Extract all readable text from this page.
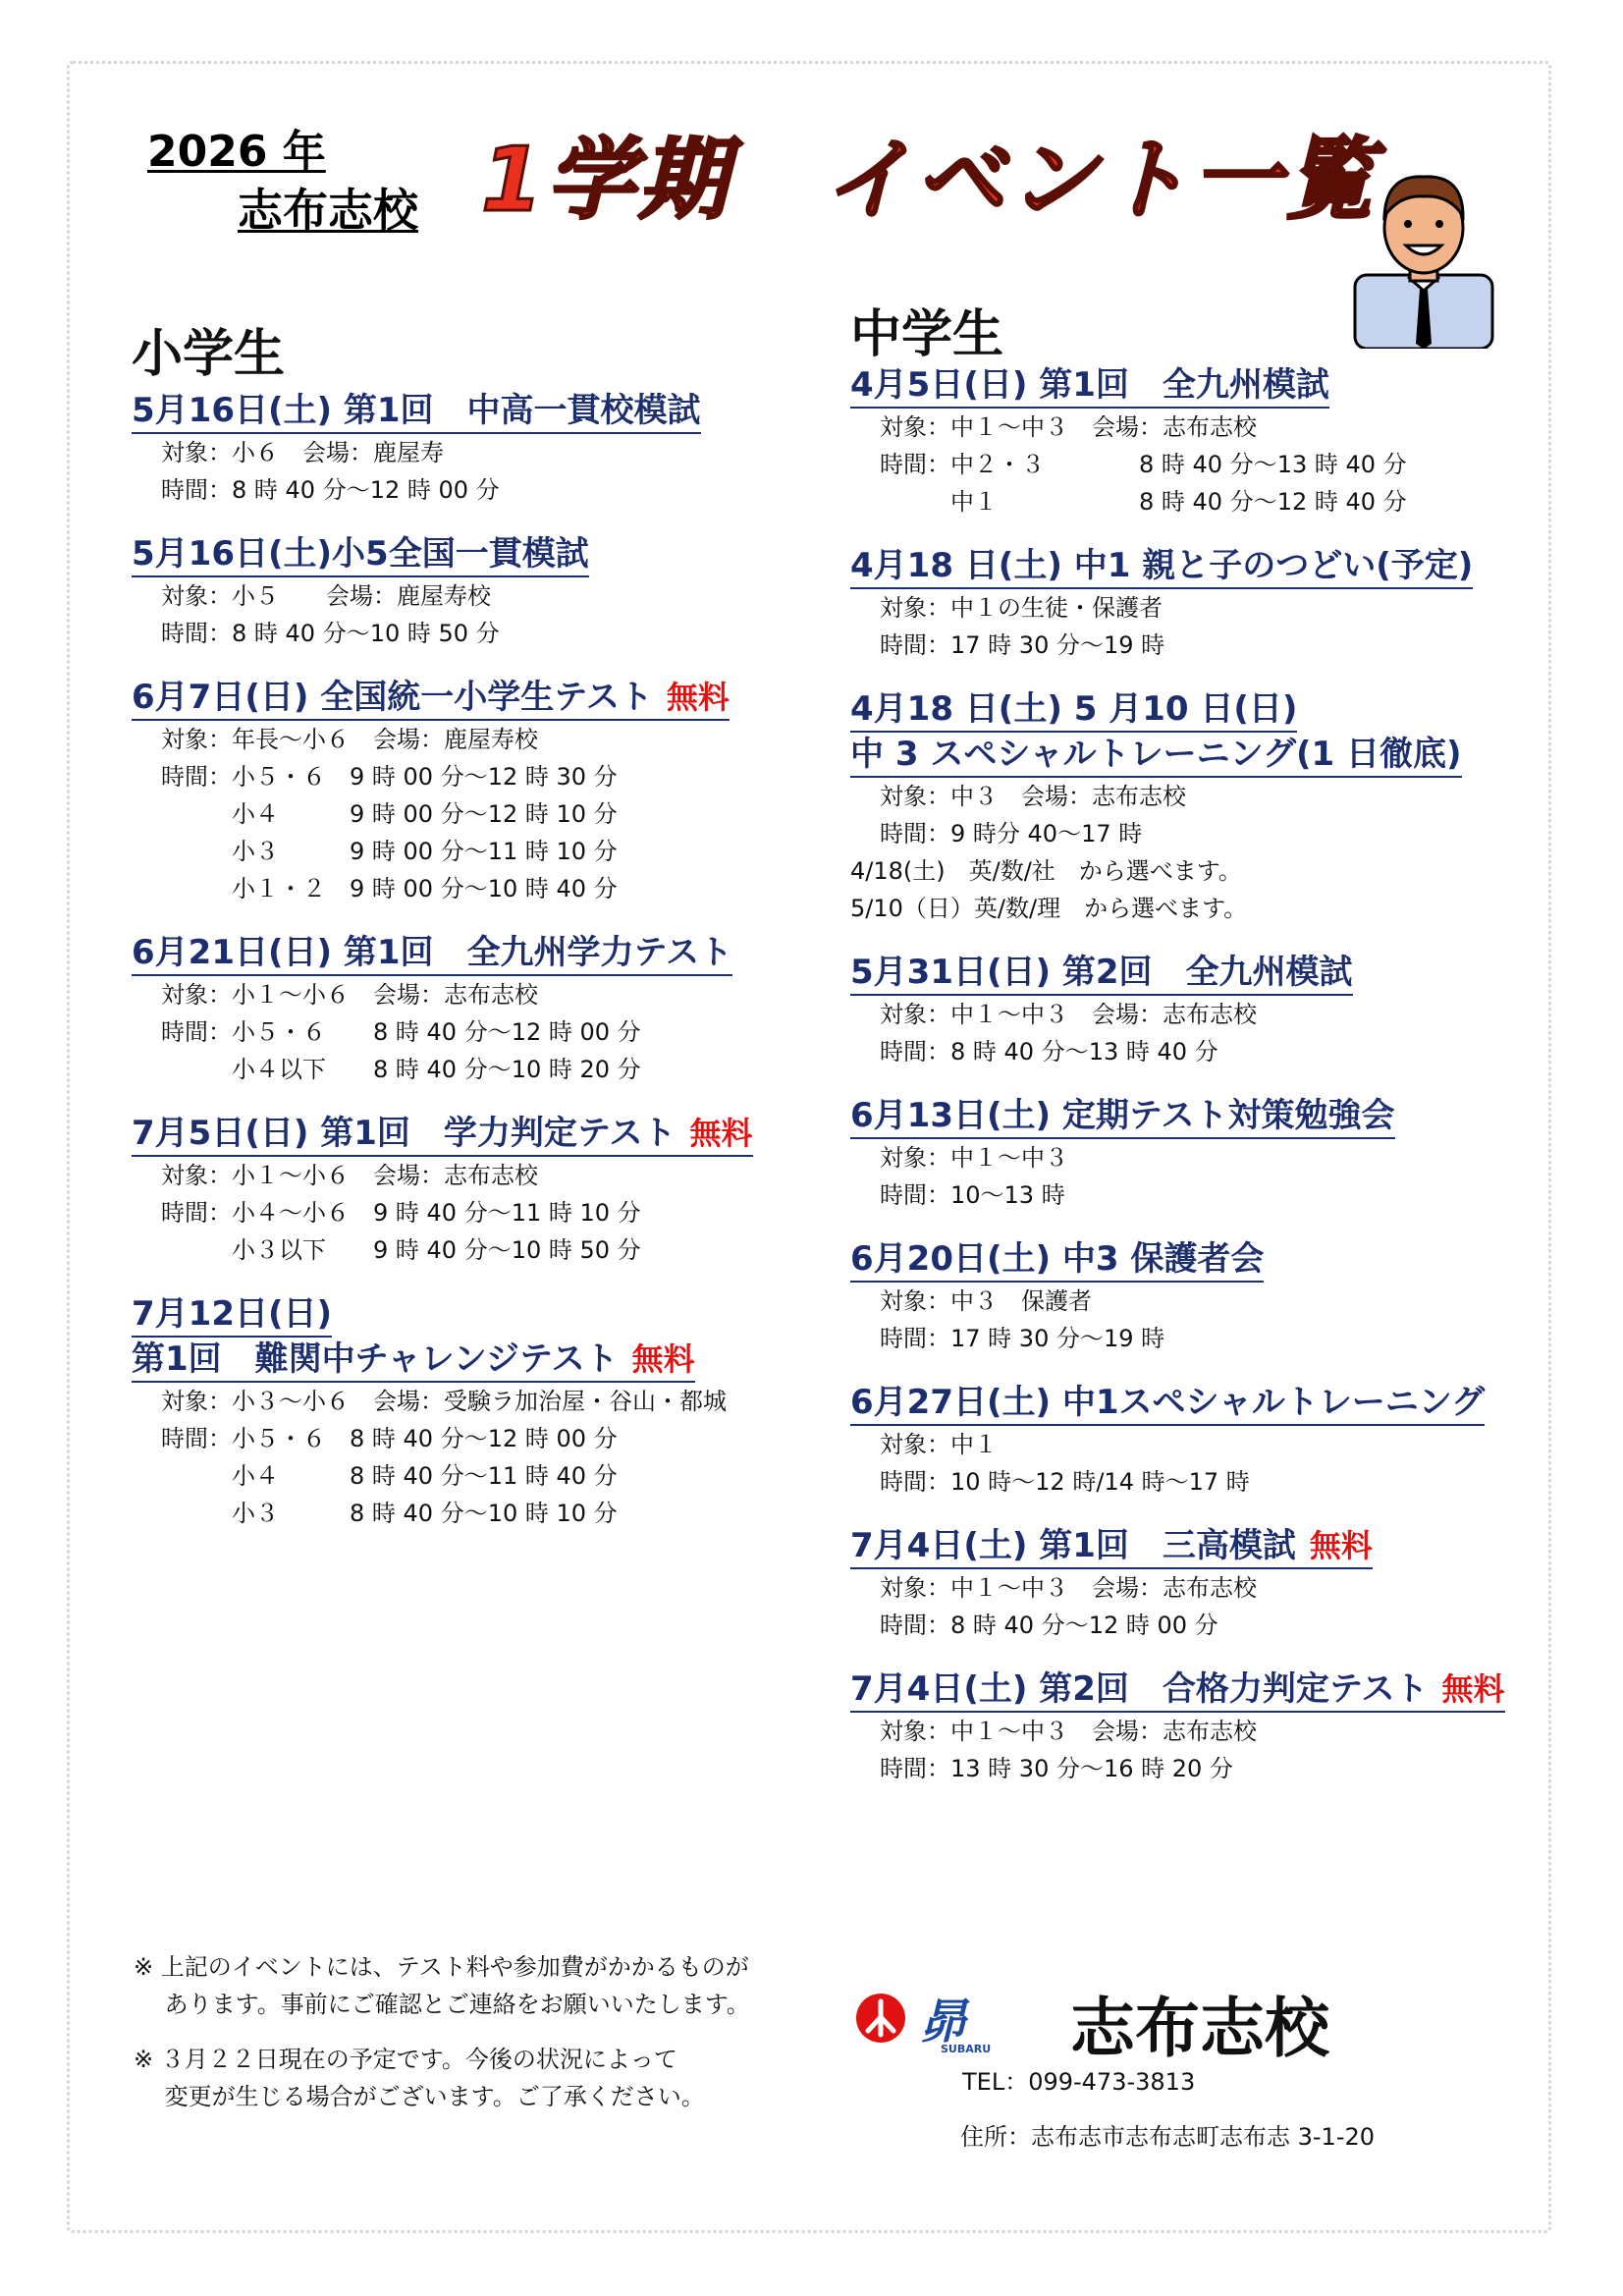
2026 年
志布志校 1学期　イベント一覧
小学生	中学生
5月16日(土) 第1回　中高一貫校模試
対象：小６　会場：鹿屋寿
時間：8 時 40 分～12 時 00 分
5月16日(土)小5全国一貫模試
対象：小５　　会場：鹿屋寿校
時間：8 時 40 分～10 時 50 分
6月7日(日) 全国統一小学生テスト 無料
対象：年長～小６　会場：鹿屋寿校
時間：小５・６　9 時 00 分～12 時 30 分
　　　小４　　　9 時 00 分～12 時 10 分
　　　小３　　　9 時 00 分～11 時 10 分
　　　小１・２　9 時 00 分～10 時 40 分
6月21日(日) 第1回　全九州学力テスト
対象：小１～小６　会場：志布志校
時間：小５・６　　8 時 40 分～12 時 00 分
　　　小４以下　　8 時 40 分～10 時 20 分
7月5日(日) 第1回　学力判定テスト 無料
対象：小１～小６　会場：志布志校
時間：小４～小６　9 時 40 分～11 時 10 分
　　　小３以下　　9 時 40 分～10 時 50 分
7月12日(日)
第1回　難関中チャレンジテスト 無料
対象：小３～小６　会場：受験ラ加治屋・谷山・都城
時間：小５・６　8 時 40 分～12 時 00 分
　　　小４　　　8 時 40 分～11 時 40 分
　　　小３　　　8 時 40 分～10 時 10 分
4月5日(日) 第1回　全九州模試
対象：中１～中３　会場：志布志校
時間：中２・３　　　　8 時 40 分～13 時 40 分
　　　中１　　　　　　8 時 40 分～12 時 40 分
4月18 日(土) 中1 親と子のつどい(予定)
対象：中１の生徒・保護者
時間：17 時 30 分～19 時
4月18 日(土) 5 月10 日(日)
中 3 スペシャルトレーニング(1 日徹底)
対象：中３　会場：志布志校
時間：9 時分 40～17 時
4/18(土)　英/数/社　から選べます。
5/10（日）英/数/理　から選べます。
5月31日(日) 第2回　全九州模試
対象：中１～中３　会場：志布志校
時間：8 時 40 分～13 時 40 分
6月13日(土) 定期テスト対策勉強会
対象：中１～中３
時間：10～13 時
6月20日(土) 中3 保護者会
対象：中３　保護者
時間：17 時 30 分～19 時
6月27日(土) 中1スペシャルトレーニング
対象：中１
時間：10 時～12 時/14 時～17 時
7月4日(土) 第1回　三高模試 無料
対象：中１～中３　会場：志布志校
時間：8 時 40 分～12 時 00 分
7月4日(土) 第2回　合格力判定テスト 無料
対象：中１～中３　会場：志布志校
時間：13 時 30 分～16 時 20 分
※ 上記のイベントには、テスト料や参加費がかかるものが
　 あります。事前にご確認とご連絡をお願いいたします。
※ ３月２２日現在の予定です。今後の状況によって
　 変更が生じる場合がございます。ご了承ください。
昴
SUBARU 志布志校
TEL：099-473-3813
住所：志布志市志布志町志布志 3-1-20
